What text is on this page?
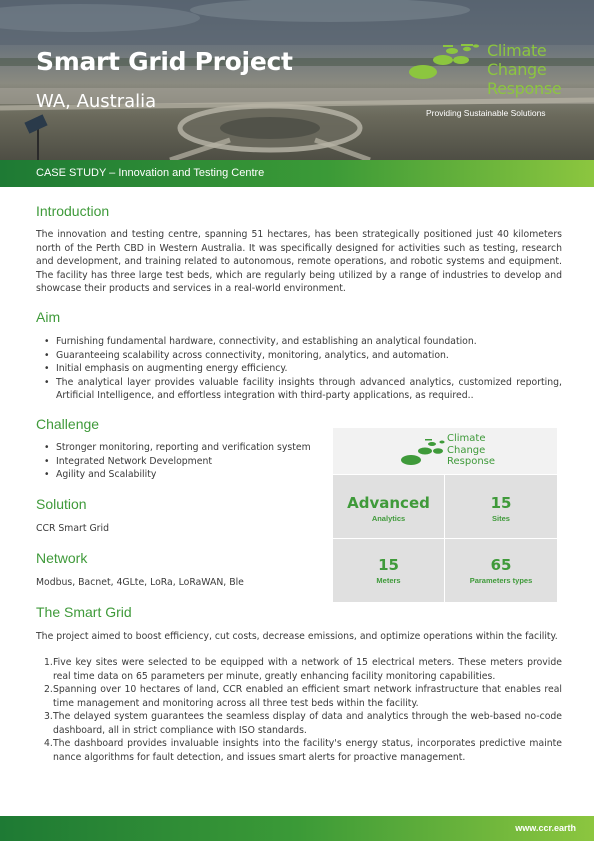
Smart Grid Project
WA, Australia
Climate
Change
Response
Providing Sustainable Solutions
CASE STUDY – Innovation and Testing Centre
Introduction
The innovation and testing centre, spanning 51 hectares, has been strategically positioned just 40 kilometers north of the Perth CBD in Western Australia. It was specifically designed for activities such as testing, research and development, and training related to autonomous, remote operations, and robotic systems and equipment. The facility has three large test beds, which are regularly being utilized by a range of industries to develop and showcase their products and services in a real-world environment.
Aim
• Furnishing fundamental hardware, connectivity, and establishing an analytical foundation.
• Guaranteeing scalability across connectivity, monitoring, analytics, and automation.
• Initial emphasis on augmenting energy efficiency.
• The analytical layer provides valuable facility insights through advanced analytics, customized reporting, Artificial Intelligence, and effortless integration with third-party applications, as required..
Challenge
• Stronger monitoring, reporting and verification system
• Integrated Network Development
• Agility and Scalability
Solution
CCR Smart Grid
Network
Modbus, Bacnet, 4GLte, LoRa, LoRaWAN, Ble
Climate
Change
Response
Advanced
Analytics
15
Sites
15
Meters
65
Parameters types
The Smart Grid
The project aimed to boost efficiency, cut costs, decrease emissions, and optimize operations within the facility.
Five key sites were selected to be equipped with a network of 15 electrical meters. These meters provide real time data on 65 parameters per minute, greatly enhancing facility monitoring capabilities.
Spanning over 10 hectares of land, CCR enabled an efficient smart network infrastructure that enables real time management and monitoring across all three test beds within the facility.
The delayed system guarantees the seamless display of data and analytics through the web-based no-code dashboard, all in strict compliance with ISO standards.
The dashboard provides invaluable insights into the facility's energy status, incorporates predictive mainte nance algorithms for fault detection, and issues smart alerts for proactive management.
www.ccr.earth
